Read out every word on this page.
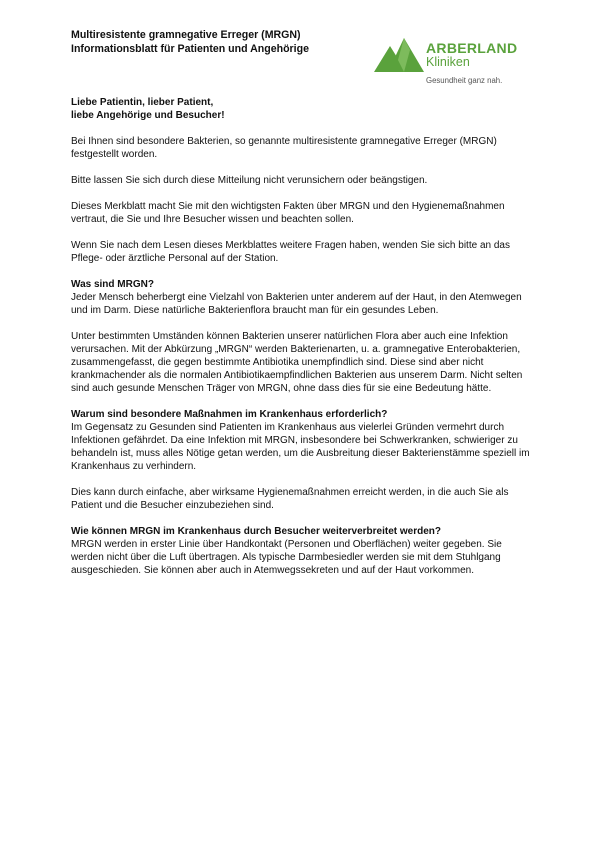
Multiresistente gramnegative Erreger (MRGN)
Informationsblatt für Patienten und Angehörige	ARBERLAND
Kliniken
Gesundheit ganz nah.

Liebe Patientin, lieber Patient,
liebe Angehörige und Besucher!

Bei Ihnen sind besondere Bakterien, so genannte multiresistente gramnegative Erreger (MRGN) festgestellt worden.

Bitte lassen Sie sich durch diese Mitteilung nicht verunsichern oder beängstigen.

Dieses Merkblatt macht Sie mit den wichtigsten Fakten über MRGN und den Hygienemaßnahmen vertraut, die Sie und Ihre Besucher wissen und beachten sollen.

Wenn Sie nach dem Lesen dieses Merkblattes weitere Fragen haben, wenden Sie sich bitte an das Pflege- oder ärztliche Personal auf der Station.

Was sind MRGN?

Jeder Mensch beherbergt eine Vielzahl von Bakterien unter anderem auf der Haut, in den Atemwegen und im Darm. Diese natürliche Bakterienflora braucht man für ein gesundes Leben.

Unter bestimmten Umständen können Bakterien unserer natürlichen Flora aber auch eine Infektion verursachen. Mit der Abkürzung „MRGN“ werden Bakterienarten, u. a. gramnegative Enterobakterien, zusammengefasst, die gegen bestimmte Antibiotika unempfindlich sind. Diese sind aber nicht krankmachender als die normalen Antibiotikaempfindlichen Bakterien aus unserem Darm. Nicht selten sind auch gesunde Menschen Träger von MRGN, ohne dass dies für sie eine Bedeutung hätte.

Warum sind besondere Maßnahmen im Krankenhaus erforderlich?

Im Gegensatz zu Gesunden sind Patienten im Krankenhaus aus vielerlei Gründen vermehrt durch Infektionen gefährdet. Da eine Infektion mit MRGN, insbesondere bei Schwerkranken, schwieriger zu behandeln ist, muss alles Nötige getan werden, um die Ausbreitung dieser Bakterienstämme speziell im Krankenhaus zu verhindern.

Dies kann durch einfache, aber wirksame Hygienemaßnahmen erreicht werden, in die auch Sie als Patient und die Besucher einzubeziehen sind.

Wie können MRGN im Krankenhaus durch Besucher weiterverbreitet werden?

MRGN werden in erster Linie über Handkontakt (Personen und Oberflächen) weiter gegeben. Sie werden nicht über die Luft übertragen. Als typische Darmbesiedler werden sie mit dem Stuhlgang ausgeschieden. Sie können aber auch in Atemwegssekreten und auf der Haut vorkommen.
